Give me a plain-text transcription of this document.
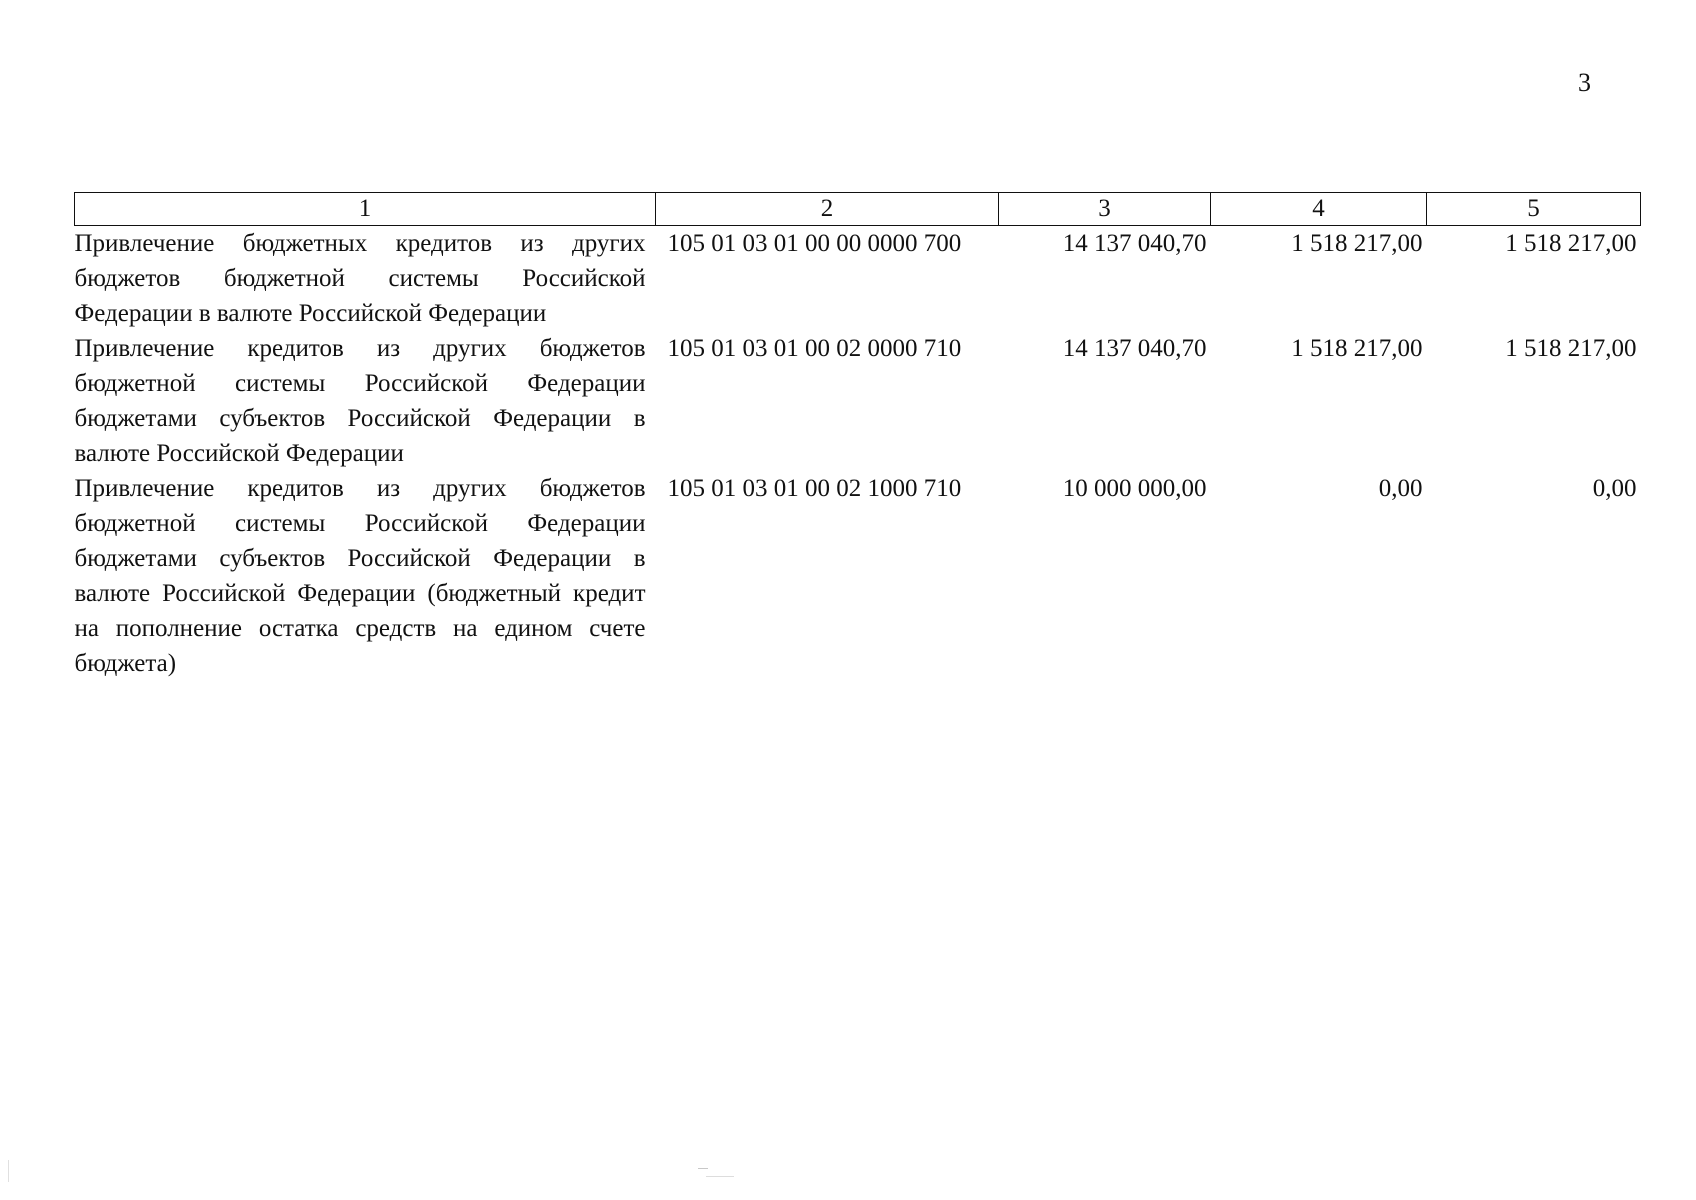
3
1	2	3	4	5
Привлечение бюджетных кредитов из других бюджетов бюджетной системы Российской Федерации в валюте Российской Федерации	105 01 03 01 00 00 0000 700	14 137 040,70	1 518 217,00	1 518 217,00
Привлечение кредитов из других бюджетов бюджетной системы Российской Федерации бюджетами субъектов Российской Федерации в валюте Российской Федерации	105 01 03 01 00 02 0000 710	14 137 040,70	1 518 217,00	1 518 217,00
Привлечение кредитов из других бюджетов бюджетной системы Российской Федерации бюджетами субъектов Российской Федерации в валюте Российской Федерации (бюджетный кредит на пополнение остатка средств на едином счете бюджета)	105 01 03 01 00 02 1000 710	10 000 000,00	0,00	0,00
